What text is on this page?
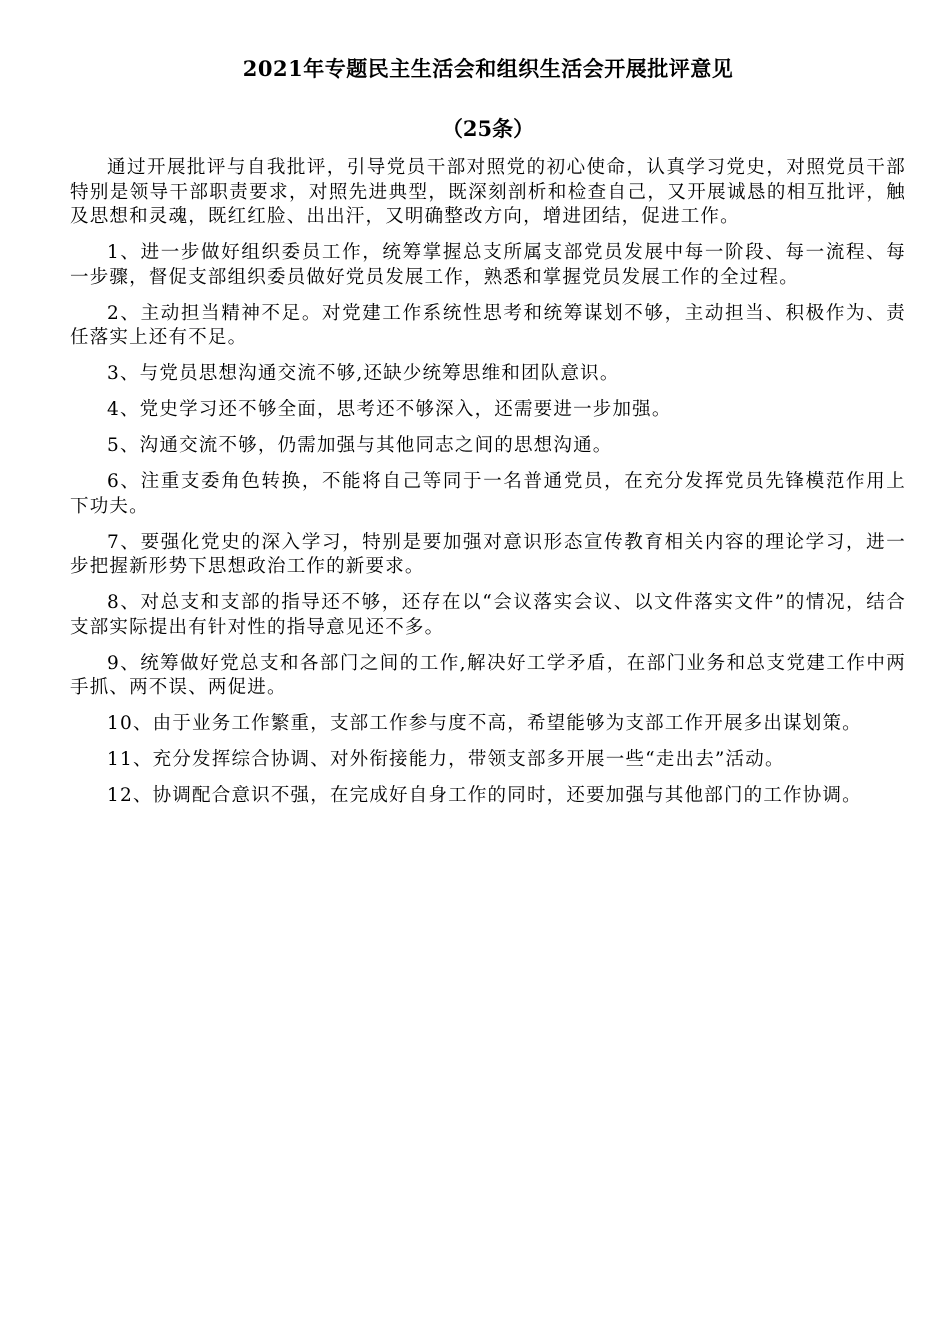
2021年专题民主生活会和组织生活会开展批评意见
（25条）

通过开展批评与自我批评，引导党员干部对照党的初心使命，认真学习党史，对照党员干部特别是领导干部职责要求，对照先进典型，既深刻剖析和检查自己，又开展诚恳的相互批评，触及思想和灵魂，既红红脸、出出汗，又明确整改方向，增进团结，促进工作。

1、进一步做好组织委员工作，统筹掌握总支所属支部党员发展中每一阶段、每一流程、每一步骤，督促支部组织委员做好党员发展工作，熟悉和掌握党员发展工作的全过程。

2、主动担当精神不足。对党建工作系统性思考和统筹谋划不够，主动担当、积极作为、责任落实上还有不足。

3、与党员思想沟通交流不够,还缺少统筹思维和团队意识。

4、党史学习还不够全面，思考还不够深入，还需要进一步加强。

5、沟通交流不够，仍需加强与其他同志之间的思想沟通。

6、注重支委角色转换，不能将自己等同于一名普通党员，在充分发挥党员先锋模范作用上下功夫。

7、要强化党史的深入学习，特别是要加强对意识形态宣传教育相关内容的理论学习，进一步把握新形势下思想政治工作的新要求。

8、对总支和支部的指导还不够，还存在以“会议落实会议、以文件落实文件”的情况，结合支部实际提出有针对性的指导意见还不多。

9、统筹做好党总支和各部门之间的工作,解决好工学矛盾，在部门业务和总支党建工作中两手抓、两不误、两促进。

10、由于业务工作繁重，支部工作参与度不高，希望能够为支部工作开展多出谋划策。

11、充分发挥综合协调、对外衔接能力，带领支部多开展一些“走出去”活动。

12、协调配合意识不强，在完成好自身工作的同时，还要加强与其他部门的工作协调。
